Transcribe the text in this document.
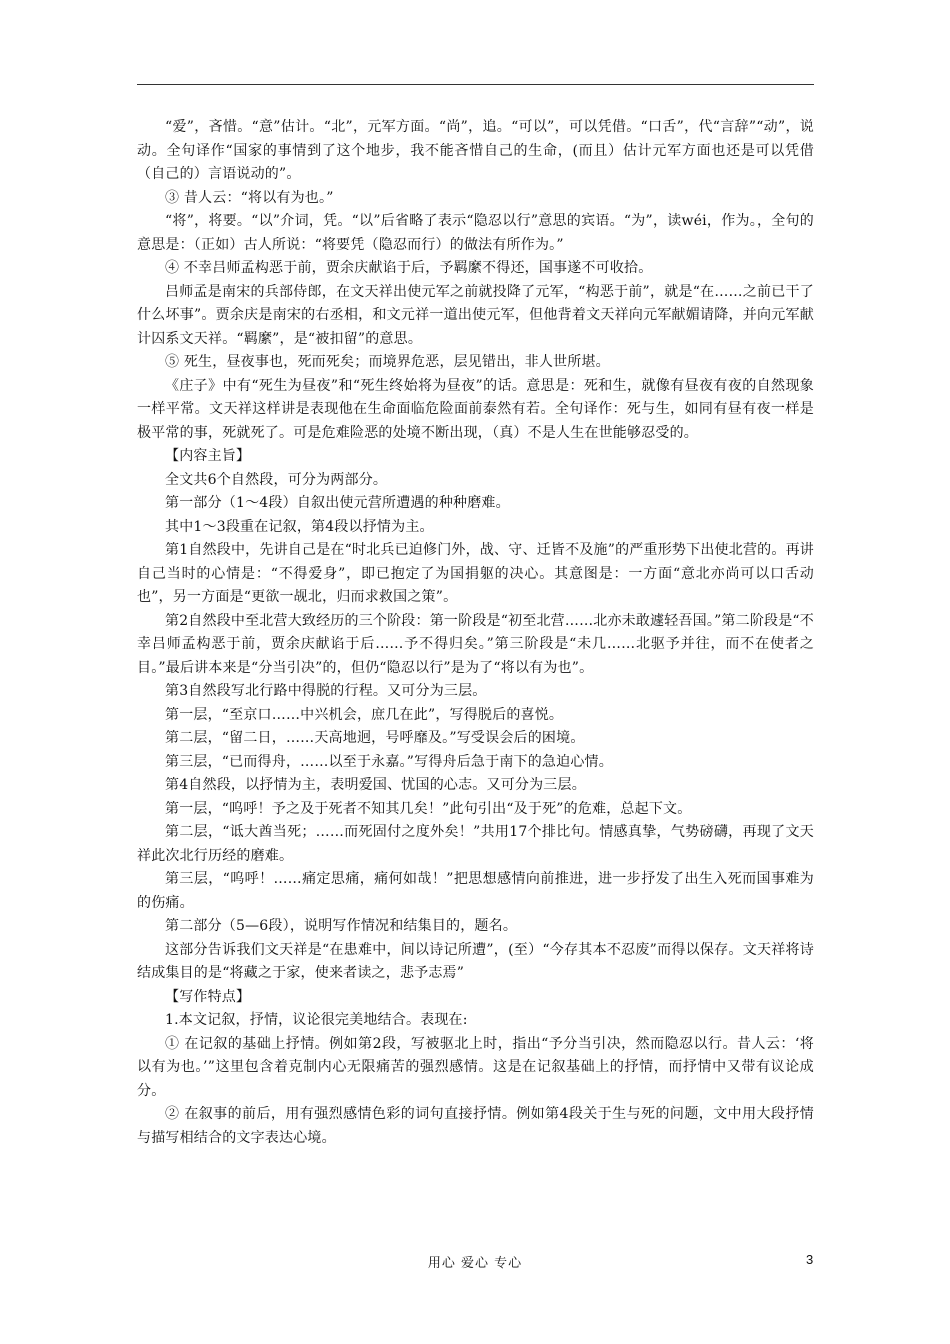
“爱”，吝惜。“意”估计。“北”，元军方面。“尚”，追。“可以”，可以凭借。“口舌”，代“言辞”“动”，说动。全句译作“国家的事情到了这个地步，我不能吝惜自己的生命，(而且）估计元军方面也还是可以凭借（自己的）言语说动的”。

③ 昔人云：“将以有为也。”

“将”，将要。“以”介词，凭。“以”后省略了表示“隐忍以行”意思的宾语。“为”，读wéi，作为。，全句的意思是：（正如）古人所说：“将要凭（隐忍而行）的做法有所作为。”

④ 不幸吕师孟构恶于前，贾余庆献谄于后，予羁縻不得还，国事遂不可收拾。

吕师孟是南宋的兵部侍郎，在文天祥出使元军之前就投降了元军，“构恶于前”，就是“在……之前已干了什么坏事”。贾余庆是南宋的右丞相，和文元祥一道出使元军，但他背着文天祥向元军献媚请降，并向元军献计囚系文天祥。“羁縻”，是“被扣留”的意思。

⑤ 死生，昼夜事也，死而死矣；而境界危恶，层见错出，非人世所堪。

《庄子》中有“死生为昼夜”和“死生终始将为昼夜”的话。意思是：死和生，就像有昼夜有夜的自然现象一样平常。文天祥这样讲是表现他在生命面临危险面前泰然有若。全句译作：死与生，如同有昼有夜一样是极平常的事，死就死了。可是危难险恶的处境不断出现，（真）不是人生在世能够忍受的。

【内容主旨】

全文共6个自然段，可分为两部分。

第一部分（1～4段）自叙出使元营所遭遇的种种磨难。

其中1～3段重在记叙，第4段以抒情为主。

第1自然段中，先讲自己是在“时北兵已迫修门外，战、守、迁皆不及施”的严重形势下出使北营的。再讲自己当时的心情是：“不得爱身”，即已抱定了为国捐躯的决心。其意图是：一方面“意北亦尚可以口舌动也”，另一方面是“更欲一觇北，归而求救国之策”。

第2自然段中至北营大致经历的三个阶段：第一阶段是“初至北营……北亦未敢遽轻吾国。”第二阶段是“不幸吕师孟构恶于前，贾余庆献谄于后……予不得归矣。”第三阶段是“未几……北驱予并往，而不在使者之目。”最后讲本来是“分当引决”的，但仍“隐忍以行”是为了“将以有为也”。

第3自然段写北行路中得脱的行程。又可分为三层。

第一层，“至京口……中兴机会，庶几在此”，写得脱后的喜悦。

第二层，“留二日，……天高地迥，号呼靡及。”写受误会后的困境。

第三层，“已而得舟，……以至于永嘉。”写得舟后急于南下的急迫心情。

第4自然段，以抒情为主，表明爱国、忧国的心志。又可分为三层。

第一层，“呜呼！予之及于死者不知其几矣！”此句引出“及于死”的危难，总起下文。

第二层，“诋大酋当死；……而死固付之度外矣！”共用17个排比句。情感真挚，气势磅礴，再现了文天祥此次北行历经的磨难。

第三层，“呜呼！……痛定思痛，痛何如哉！”把思想感情向前推进，进一步抒发了出生入死而国事难为的伤痛。

第二部分（5—6段），说明写作情况和结集目的，题名。

这部分告诉我们文天祥是“在患难中，间以诗记所遭”，(至）“今存其本不忍废”而得以保存。文天祥将诗结成集目的是“将藏之于家，使来者读之，悲予志焉”

【写作特点】

1.本文记叙，抒情，议论很完美地结合。表现在:

① 在记叙的基础上抒情。例如第2段，写被驱北上时，指出“予分当引决，然而隐忍以行。昔人云：‘将以有为也。’”这里包含着克制内心无限痛苦的强烈感情。这是在记叙基础上的抒情，而抒情中又带有议论成分。

② 在叙事的前后，用有强烈感情色彩的词句直接抒情。例如第4段关于生与死的问题，文中用大段抒情与描写相结合的文字表达心境。

用心 爱心 专心	3
